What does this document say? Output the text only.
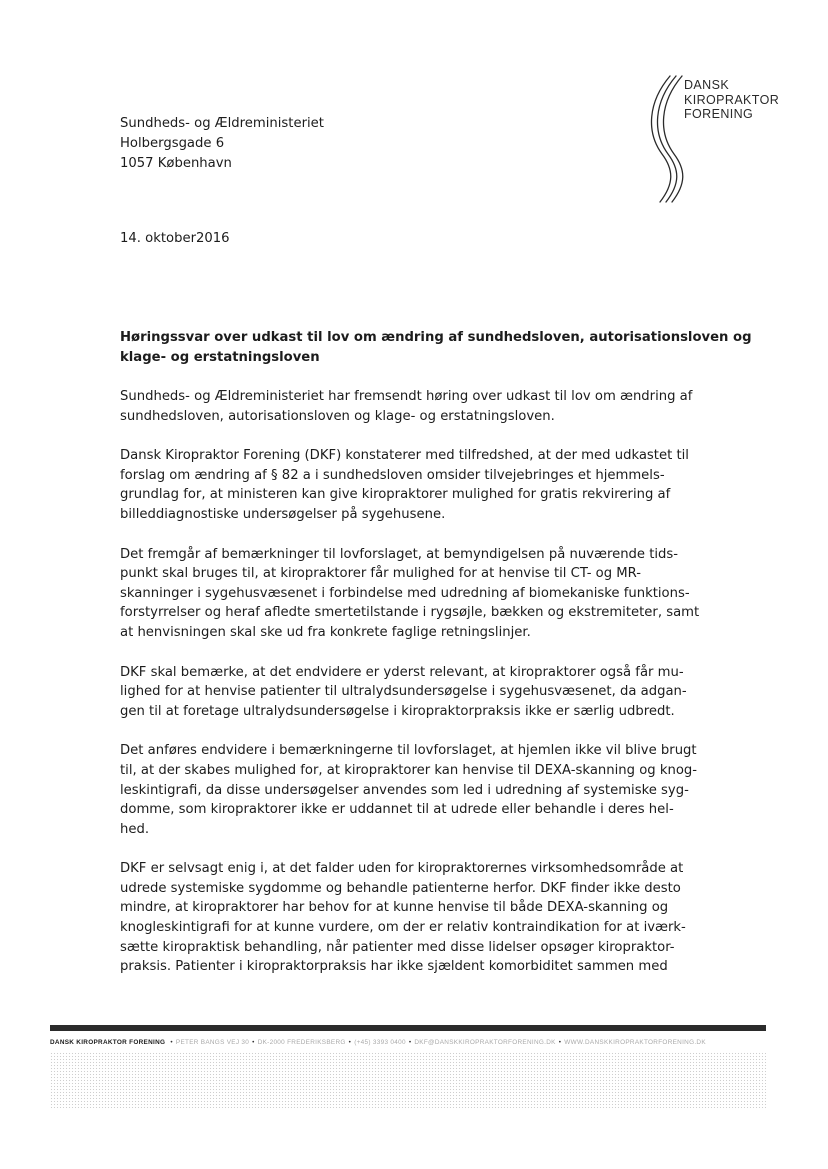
DANSK
KIROPRAKTOR
FORENING
Sundheds- og Ældreministeriet
Holbergsgade 6
1057 København
14. oktober2016
Høringssvar over udkast til lov om ændring af sundhedsloven, autorisationsloven og
klage- og erstatningsloven
Sundheds- og Ældreministeriet har fremsendt høring over udkast til lov om ændring af
sundhedsloven, autorisationsloven og klage- og erstatningsloven.
Dansk Kiropraktor Forening (DKF) konstaterer med tilfredshed, at der med udkastet til
forslag om ændring af § 82 a i sundhedsloven omsider tilvejebringes et hjemmels-
grundlag for, at ministeren kan give kiropraktorer mulighed for gratis rekvirering af
billeddiagnostiske undersøgelser på sygehusene.
Det fremgår af bemærkninger til lovforslaget, at bemyndigelsen på nuværende tids-
punkt skal bruges til, at kiropraktorer får mulighed for at henvise til CT- og MR-
skanninger i sygehusvæsenet i forbindelse med udredning af biomekaniske funktions-
forstyrrelser og heraf afledte smertetilstande i rygsøjle, bækken og ekstremiteter, samt
at henvisningen skal ske ud fra konkrete faglige retningslinjer.
DKF skal bemærke, at det endvidere er yderst relevant, at kiropraktorer også får mu-
lighed for at henvise patienter til ultralydsundersøgelse i sygehusvæsenet, da adgan-
gen til at foretage ultralydsundersøgelse i kiropraktorpraksis ikke er særlig udbredt.
Det anføres endvidere i bemærkningerne til lovforslaget, at hjemlen ikke vil blive brugt
til, at der skabes mulighed for, at kiropraktorer kan henvise til DEXA-skanning og knog-
leskintigrafi, da disse undersøgelser anvendes som led i udredning af systemiske syg-
domme, som kiropraktorer ikke er uddannet til at udrede eller behandle i deres hel-
hed.
DKF er selvsagt enig i, at det falder uden for kiropraktorernes virksomhedsområde at
udrede systemiske sygdomme og behandle patienterne herfor. DKF finder ikke desto
mindre, at kiropraktorer har behov for at kunne henvise til både DEXA-skanning og
knogleskintigrafi for at kunne vurdere, om der er relativ kontraindikation for at iværk-
sætte kiropraktisk behandling, når patienter med disse lidelser opsøger kiropraktor-
praksis. Patienter i kiropraktorpraksis har ikke sjældent komorbiditet sammen med
DANSK KIROPRAKTOR FORENING • PETER BANGS VEJ 30 • DK-2000 FREDERIKSBERG • (+45) 3393 0400 • DKF@DANSKKIROPRAKTORFORENING.DK • WWW.DANSKKIROPRAKTORFORENING.DK
